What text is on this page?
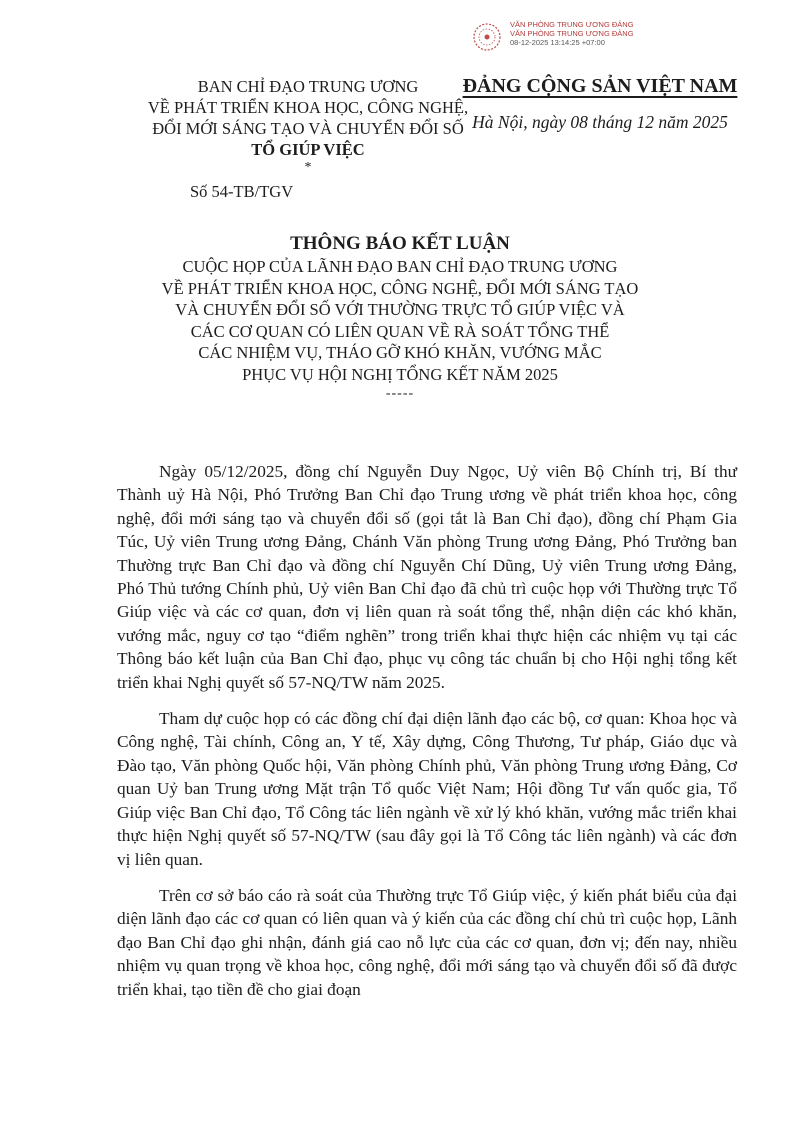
VĂN PHÒNG TRUNG ƯƠNG ĐẢNG
VĂN PHÒNG TRUNG ƯƠNG ĐẢNG
08-12-2025 13:14:25 +07:00
BAN CHỈ ĐẠO TRUNG ƯƠNG
VỀ PHÁT TRIỂN KHOA HỌC, CÔNG NGHỆ,
ĐỔI MỚI SÁNG TẠO VÀ CHUYỂN ĐỔI SỐ
TỔ GIÚP VIỆC
*
Số 54-TB/TGV
ĐẢNG CỘNG SẢN VIỆT NAM
Hà Nội, ngày 08 tháng 12 năm 2025
THÔNG BÁO KẾT LUẬN
CUỘC HỌP CỦA LÃNH ĐẠO BAN CHỈ ĐẠO TRUNG ƯƠNG
VỀ PHÁT TRIỂN KHOA HỌC, CÔNG NGHỆ, ĐỔI MỚI SÁNG TẠO
VÀ CHUYỂN ĐỔI SỐ VỚI THƯỜNG TRỰC TỔ GIÚP VIỆC VÀ
CÁC CƠ QUAN CÓ LIÊN QUAN VỀ RÀ SOÁT TỔNG THỂ
CÁC NHIỆM VỤ, THÁO GỠ KHÓ KHĂN, VƯỚNG MẮC
PHỤC VỤ HỘI NGHỊ TỔNG KẾT NĂM 2025
-----

Ngày 05/12/2025, đồng chí Nguyễn Duy Ngọc, Uỷ viên Bộ Chính trị, Bí thư Thành uỷ Hà Nội, Phó Trưởng Ban Chỉ đạo Trung ương về phát triển khoa học, công nghệ, đổi mới sáng tạo và chuyển đổi số (gọi tắt là Ban Chỉ đạo), đồng chí Phạm Gia Túc, Uỷ viên Trung ương Đảng, Chánh Văn phòng Trung ương Đảng, Phó Trưởng ban Thường trực Ban Chỉ đạo và đồng chí Nguyễn Chí Dũng, Uỷ viên Trung ương Đảng, Phó Thủ tướng Chính phủ, Uỷ viên Ban Chỉ đạo đã chủ trì cuộc họp với Thường trực Tổ Giúp việc và các cơ quan, đơn vị liên quan rà soát tổng thể, nhận diện các khó khăn, vướng mắc, nguy cơ tạo “điểm nghẽn” trong triển khai thực hiện các nhiệm vụ tại các Thông báo kết luận của Ban Chỉ đạo, phục vụ công tác chuẩn bị cho Hội nghị tổng kết triển khai Nghị quyết số 57-NQ/TW năm 2025.

Tham dự cuộc họp có các đồng chí đại diện lãnh đạo các bộ, cơ quan: Khoa học và Công nghệ, Tài chính, Công an, Y tế, Xây dựng, Công Thương, Tư pháp, Giáo dục và Đào tạo, Văn phòng Quốc hội, Văn phòng Chính phủ, Văn phòng Trung ương Đảng, Cơ quan Uỷ ban Trung ương Mặt trận Tổ quốc Việt Nam; Hội đồng Tư vấn quốc gia, Tổ Giúp việc Ban Chỉ đạo, Tổ Công tác liên ngành về xử lý khó khăn, vướng mắc triển khai thực hiện Nghị quyết số 57-NQ/TW (sau đây gọi là Tổ Công tác liên ngành) và các đơn vị liên quan.

Trên cơ sở báo cáo rà soát của Thường trực Tổ Giúp việc, ý kiến phát biểu của đại diện lãnh đạo các cơ quan có liên quan và ý kiến của các đồng chí chủ trì cuộc họp, Lãnh đạo Ban Chỉ đạo ghi nhận, đánh giá cao nỗ lực của các cơ quan, đơn vị; đến nay, nhiều nhiệm vụ quan trọng về khoa học, công nghệ, đổi mới sáng tạo và chuyển đổi số đã được triển khai, tạo tiền đề cho giai đoạn
